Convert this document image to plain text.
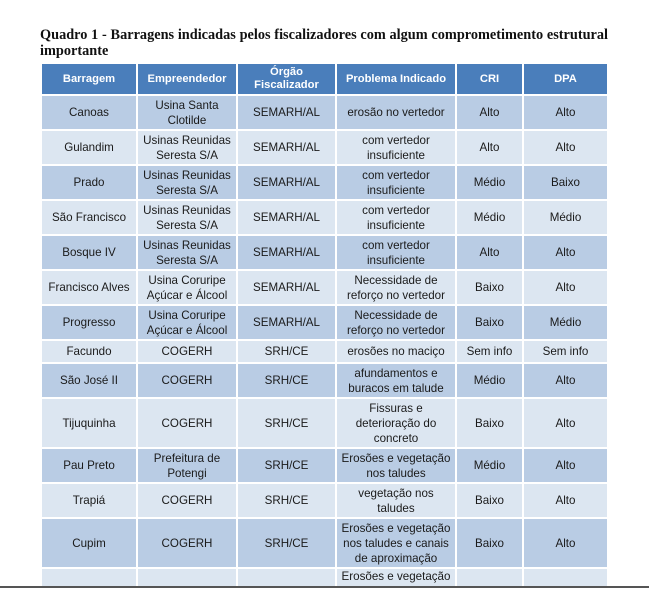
Quadro 1 - Barragens indicadas pelos fiscalizadores com algum comprometimento estrutural importante
Barragem	Empreendedor	Órgão Fiscalizador	Problema Indicado	CRI	DPA
Canoas	Usina Santa Clotilde	SEMARH/AL	erosão no vertedor	Alto	Alto
Gulandim	Usinas Reunidas Seresta S/A	SEMARH/AL	com vertedor insuficiente	Alto	Alto
Prado	Usinas Reunidas Seresta S/A	SEMARH/AL	com vertedor insuficiente	Médio	Baixo
São Francisco	Usinas Reunidas Seresta S/A	SEMARH/AL	com vertedor insuficiente	Médio	Médio
Bosque IV	Usinas Reunidas Seresta S/A	SEMARH/AL	com vertedor insuficiente	Alto	Alto
Francisco Alves	Usina Coruripe Açúcar e Álcool	SEMARH/AL	Necessidade de reforço no vertedor	Baixo	Alto
Progresso	Usina Coruripe Açúcar e Álcool	SEMARH/AL	Necessidade de reforço no vertedor	Baixo	Médio
Facundo	COGERH	SRH/CE	erosões no maciço	Sem info	Sem info
São José II	COGERH	SRH/CE	afundamentos e buracos em talude	Médio	Alto
Tijuquinha	COGERH	SRH/CE	Fissuras e deterioração do concreto	Baixo	Alto
Pau Preto	Prefeitura de Potengi	SRH/CE	Erosões e vegetação nos taludes	Médio	Alto
Trapiá	COGERH	SRH/CE	vegetação nos taludes	Baixo	Alto
Cupim	COGERH	SRH/CE	Erosões e vegetação nos taludes e canais de aproximação	Baixo	Alto
			Erosões e vegetação		
